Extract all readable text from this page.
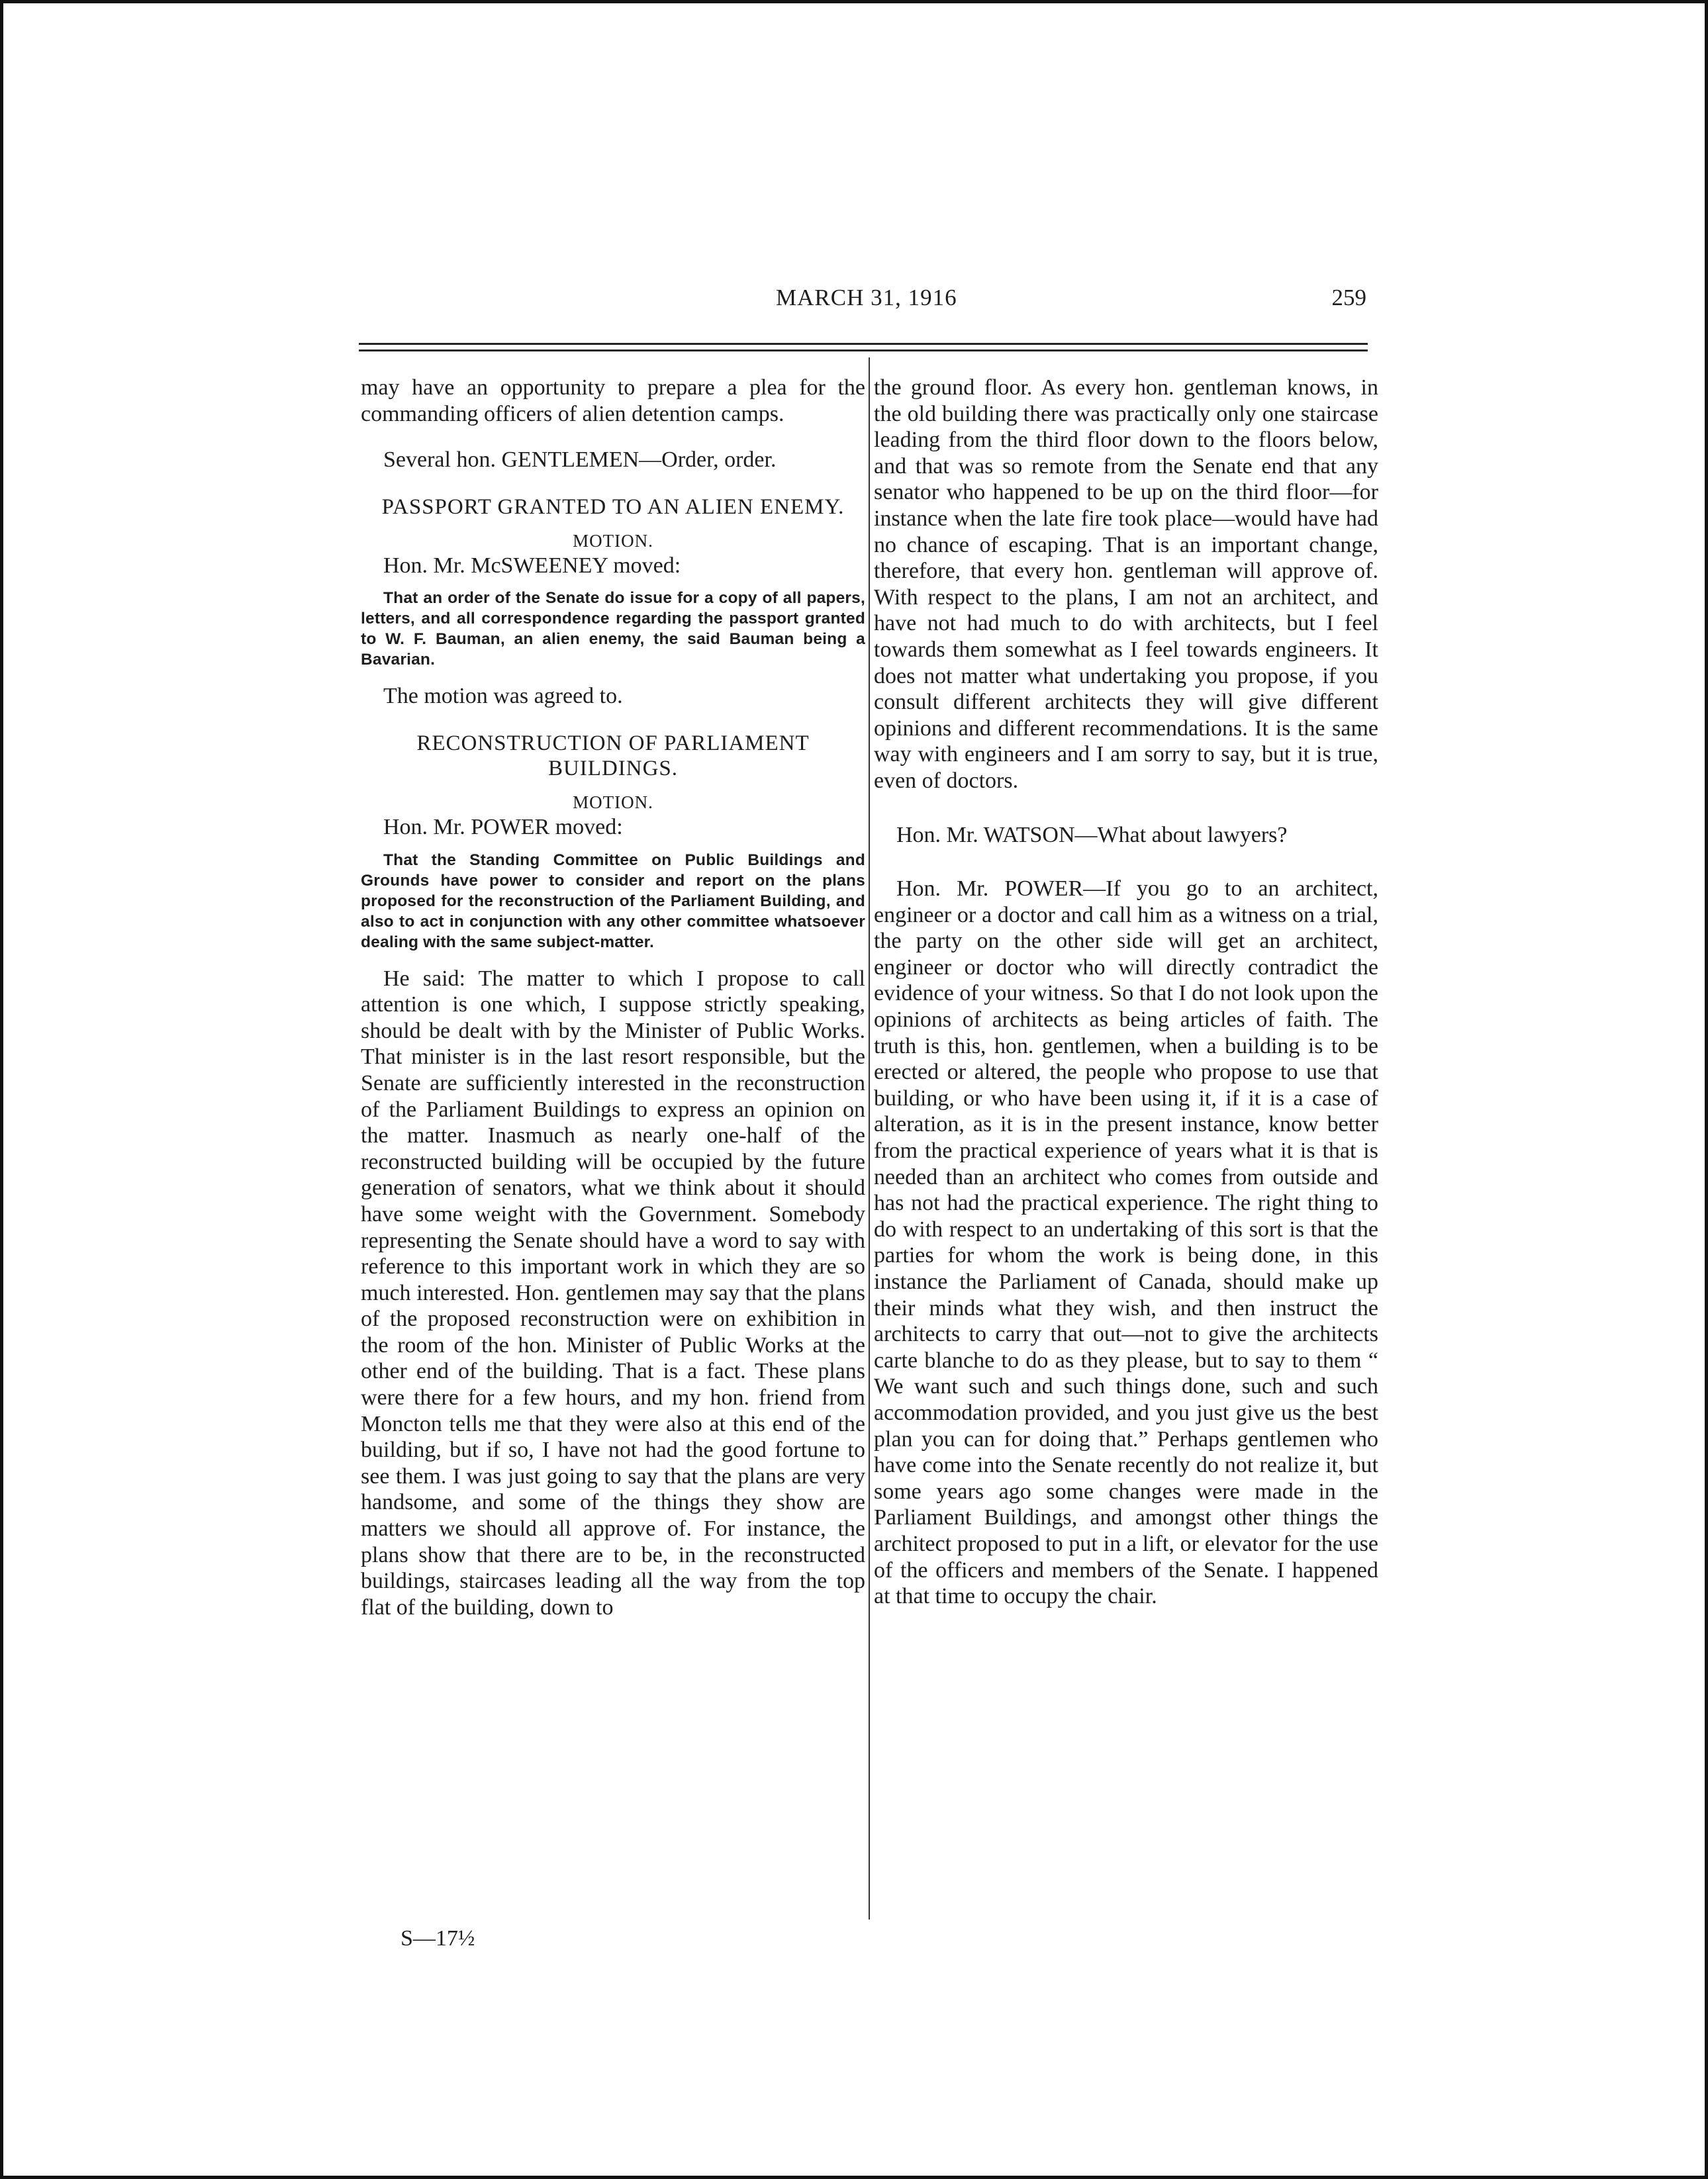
MARCH 31, 1916	259

may have an opportunity to prepare a plea for the commanding officers of alien detention camps.

Several hon. GENTLEMEN—Order, order.

PASSPORT GRANTED TO AN ALIEN ENEMY.
MOTION.

Hon. Mr. McSWEENEY moved:

That an order of the Senate do issue for a copy of all papers, letters, and all correspondence regarding the passport granted to W. F. Bauman, an alien enemy, the said Bauman being a Bavarian.

The motion was agreed to.

RECONSTRUCTION OF PARLIAMENT BUILDINGS.
MOTION.

Hon. Mr. POWER moved:

That the Standing Committee on Public Buildings and Grounds have power to consider and report on the plans proposed for the reconstruction of the Parliament Building, and also to act in conjunction with any other committee whatsoever dealing with the same subject-matter.

He said: The matter to which I propose to call attention is one which, I suppose strictly speaking, should be dealt with by the Minister of Public Works. That minister is in the last resort responsible, but the Senate are sufficiently interested in the reconstruction of the Parliament Buildings to express an opinion on the matter. Inasmuch as nearly one-half of the reconstructed building will be occupied by the future generation of senators, what we think about it should have some weight with the Government. Somebody representing the Senate should have a word to say with reference to this important work in which they are so much interested. Hon. gentlemen may say that the plans of the proposed reconstruction were on exhibition in the room of the hon. Minister of Public Works at the other end of the building. That is a fact. These plans were there for a few hours, and my hon. friend from Moncton tells me that they were also at this end of the building, but if so, I have not had the good fortune to see them. I was just going to say that the plans are very handsome, and some of the things they show are matters we should all approve of. For instance, the plans show that there are to be, in the reconstructed buildings, staircases leading all the way from the top flat of the building, down to

S—17½

the ground floor. As every hon. gentleman knows, in the old building there was practically only one staircase leading from the third floor down to the floors below, and that was so remote from the Senate end that any senator who happened to be up on the third floor—for instance when the late fire took place—would have had no chance of escaping. That is an important change, therefore, that every hon. gentleman will approve of. With respect to the plans, I am not an architect, and have not had much to do with architects, but I feel towards them somewhat as I feel towards engineers. It does not matter what undertaking you propose, if you consult different architects they will give different opinions and different recommendations. It is the same way with engineers and I am sorry to say, but it is true, even of doctors.

Hon. Mr. WATSON—What about lawyers?

Hon. Mr. POWER—If you go to an architect, engineer or a doctor and call him as a witness on a trial, the party on the other side will get an architect, engineer or doctor who will directly contradict the evidence of your witness. So that I do not look upon the opinions of architects as being articles of faith. The truth is this, hon. gentlemen, when a building is to be erected or altered, the people who propose to use that building, or who have been using it, if it is a case of alteration, as it is in the present instance, know better from the practical experience of years what it is that is needed than an architect who comes from outside and has not had the practical experience. The right thing to do with respect to an undertaking of this sort is that the parties for whom the work is being done, in this instance the Parliament of Canada, should make up their minds what they wish, and then instruct the architects to carry that out—not to give the architects carte blanche to do as they please, but to say to them “ We want such and such things done, such and such accommodation provided, and you just give us the best plan you can for doing that.” Perhaps gentlemen who have come into the Senate recently do not realize it, but some years ago some changes were made in the Parliament Buildings, and amongst other things the architect proposed to put in a lift, or elevator for the use of the officers and members of the Senate. I happened at that time to occupy the chair.
